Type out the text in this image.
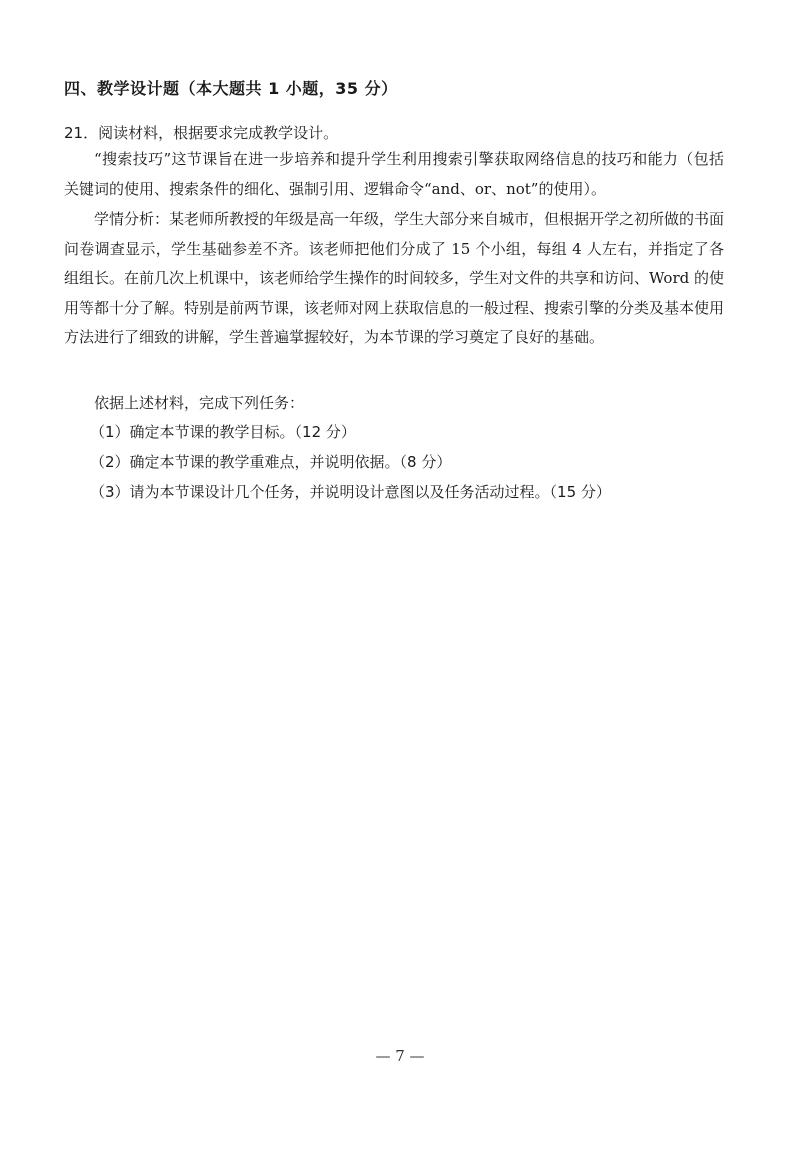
四、教学设计题（本大题共 1 小题，35 分）
21．阅读材料，根据要求完成教学设计。
“搜索技巧”这节课旨在进一步培养和提升学生利用搜索引擎获取网络信息的技巧和能力（包括关键词的使用、搜索条件的细化、强制引用、逻辑命令“and、or、not”的使用）。
学情分析：某老师所教授的年级是高一年级，学生大部分来自城市，但根据开学之初所做的书面问卷调查显示，学生基础参差不齐。该老师把他们分成了 15 个小组，每组 4 人左右，并指定了各组组长。在前几次上机课中，该老师给学生操作的时间较多，学生对文件的共享和访问、Word 的使用等都十分了解。特别是前两节课，该老师对网上获取信息的一般过程、搜索引擎的分类及基本使用方法进行了细致的讲解，学生普遍掌握较好，为本节课的学习奠定了良好的基础。
依据上述材料，完成下列任务：
（1）确定本节课的教学目标。（12 分）
（2）确定本节课的教学重难点，并说明依据。（8 分）
（3）请为本节课设计几个任务，并说明设计意图以及任务活动过程。（15 分）
— 7 —
